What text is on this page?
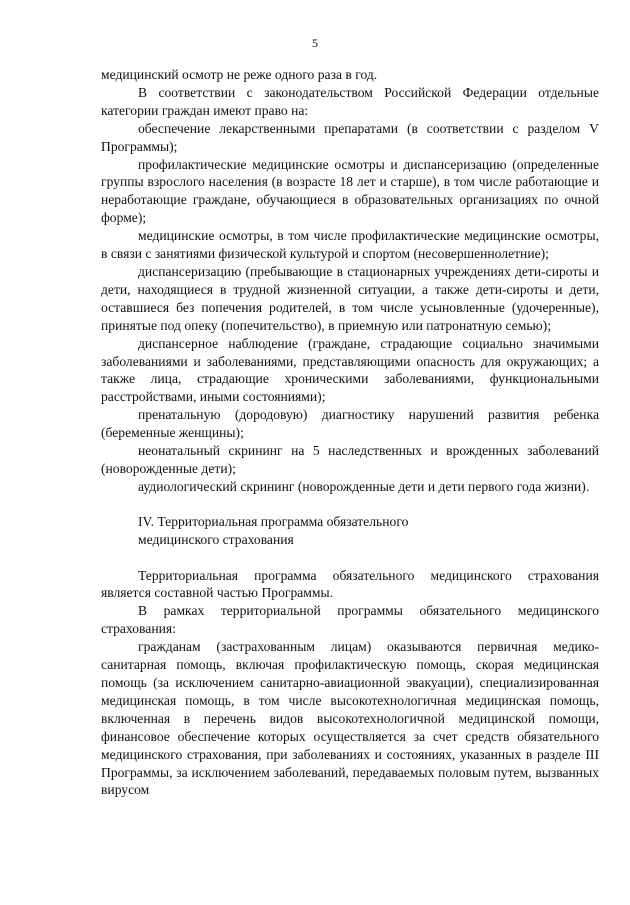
5

медицинский осмотр не реже одного раза в год.

В соответствии с законодательством Российской Федерации отдельные категории граждан имеют право на:

обеспечение лекарственными препаратами (в соответствии с разделом V Программы);

профилактические медицинские осмотры и диспансеризацию (определенные группы взрослого населения (в возрасте 18 лет и старше), в том числе работающие и неработающие граждане, обучающиеся в образовательных организациях по очной форме);

медицинские осмотры, в том числе профилактические медицинские осмотры, в связи с занятиями физической культурой и спортом (несовершеннолетние);

диспансеризацию (пребывающие в стационарных учреждениях дети-сироты и дети, находящиеся в трудной жизненной ситуации, а также дети-сироты и дети, оставшиеся без попечения родителей, в том числе усыновленные (удочеренные), принятые под опеку (попечительство), в приемную или патронатную семью);

диспансерное наблюдение (граждане, страдающие социально значимыми заболеваниями и заболеваниями, представляющими опасность для окружающих; а также лица, страдающие хроническими заболеваниями, функциональными расстройствами, иными состояниями);

пренатальную (дородовую) диагностику нарушений развития ребенка (беременные женщины);

неонатальный скрининг на 5 наследственных и врожденных заболеваний (новорожденные дети);

аудиологический скрининг (новорожденные дети и дети первого года жизни).

IV. Территориальная программа обязательного
медицинского страхования

Территориальная программа обязательного медицинского страхования является составной частью Программы.

В рамках территориальной программы обязательного медицинского страхования:

гражданам (застрахованным лицам) оказываются первичная медико-санитарная помощь, включая профилактическую помощь, скорая медицинская помощь (за исключением санитарно-авиационной эвакуации), специализированная медицинская помощь, в том числе высокотехнологичная медицинская помощь, включенная в перечень видов высокотехнологичной медицинской помощи, финансовое обеспечение которых осуществляется за счет средств обязательного медицинского страхования, при заболеваниях и состояниях, указанных в разделе III Программы, за исключением заболеваний, передаваемых половым путем, вызванных вирусом
